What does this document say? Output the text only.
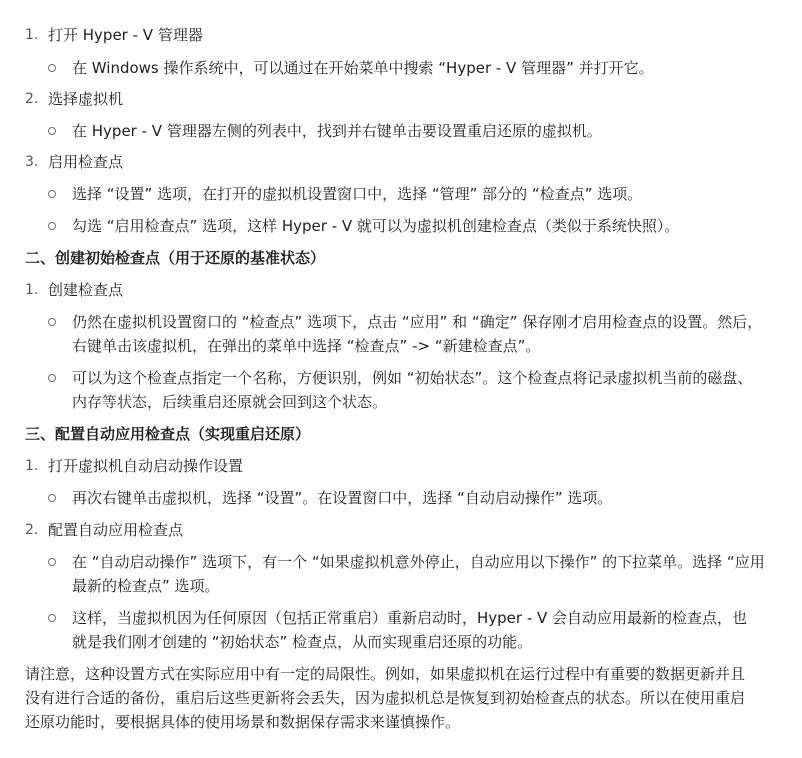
1. 打开 Hyper - V 管理器
在 Windows 操作系统中，可以通过在开始菜单中搜索 “Hyper - V 管理器” 并打开它。
2. 选择虚拟机
在 Hyper - V 管理器左侧的列表中，找到并右键单击要设置重启还原的虚拟机。
3. 启用检查点
选择 “设置” 选项，在打开的虚拟机设置窗口中，选择 “管理” 部分的 “检查点” 选项。
勾选 “启用检查点” 选项，这样 Hyper - V 就可以为虚拟机创建检查点（类似于系统快照）。
二、创建初始检查点（用于还原的基准状态）
1. 创建检查点
仍然在虚拟机设置窗口的 “检查点” 选项下，点击 “应用” 和 “确定” 保存刚才启用检查点的设置。然后，
右键单击该虚拟机，在弹出的菜单中选择 “检查点” -> “新建检查点”。
可以为这个检查点指定一个名称，方便识别，例如 “初始状态”。这个检查点将记录虚拟机当前的磁盘、
内存等状态，后续重启还原就会回到这个状态。
三、配置自动应用检查点（实现重启还原）
1. 打开虚拟机自动启动操作设置
再次右键单击虚拟机，选择 “设置”。在设置窗口中，选择 “自动启动操作” 选项。
2. 配置自动应用检查点
在 “自动启动操作” 选项下，有一个 “如果虚拟机意外停止，自动应用以下操作” 的下拉菜单。选择 “应用
最新的检查点” 选项。
这样，当虚拟机因为任何原因（包括正常重启）重新启动时，Hyper - V 会自动应用最新的检查点，也
就是我们刚才创建的 “初始状态” 检查点，从而实现重启还原的功能。
请注意，这种设置方式在实际应用中有一定的局限性。例如，如果虚拟机在运行过程中有重要的数据更新并且
没有进行合适的备份，重启后这些更新将会丢失，因为虚拟机总是恢复到初始检查点的状态。所以在使用重启
还原功能时，要根据具体的使用场景和数据保存需求来谨慎操作。
